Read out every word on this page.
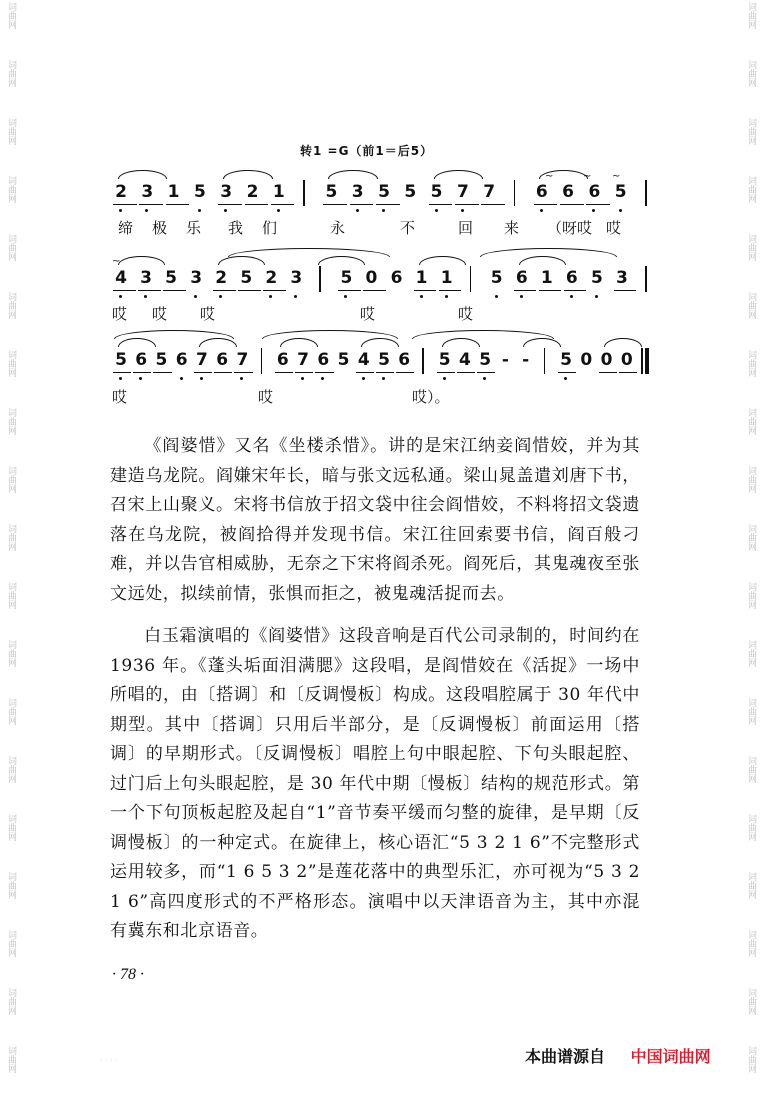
词曲网
词曲网
词曲网
词曲网
词曲网
词曲网
词曲网
词曲网
词曲网
词曲网
词曲网
词曲网
词曲网
词曲网
词曲网
词曲网
词曲网
词曲网
词曲网
词曲网
词曲网
词曲网
词曲网
词曲网
词曲网
词曲网
词曲网
词曲网
词曲网
词曲网
词曲网
词曲网
词曲网
词曲网
词曲网
词曲网
词曲网
词曲网
转1 =G（前1＝后5）
2 3 1 5 3 2 1 5 3 5 5 5 7 7 6 6 6 5
缔 极 乐 我 们	永	不	回 来 （呀 哎 哎
4 3 5 3 2 5 2 3 5 0 6 1 1 5 6 1 6 5 3
哎 哎 哎	哎	哎
5 6 5 6 7 6 7 6 7 6 5 4 5 6 5 4 5 - - 5 0 0 0
哎	哎	哎）。
~
~	~
~

《阎婆惜》又名《坐楼杀惜》。讲的是宋江纳妾阎惜姣，并为其建造乌龙院。阎嫌宋年长，暗与张文远私通。梁山晁盖遣刘唐下书，召宋上山聚义。宋将书信放于招文袋中往会阎惜姣，不料将招文袋遗落在乌龙院，被阎拾得并发现书信。宋江往回索要书信，阎百般刁难，并以告官相威胁，无奈之下宋将阎杀死。阎死后，其鬼魂夜至张文远处，拟续前情，张惧而拒之，被鬼魂活捉而去。

白玉霜演唱的《阎婆惜》这段音响是百代公司录制的，时间约在 1936 年。《蓬头垢面泪满腮》这段唱，是阎惜姣在《活捉》一场中所唱的，由〔搭调〕和〔反调慢板〕构成。这段唱腔属于 30 年代中期型。其中〔搭调〕只用后半部分，是〔反调慢板〕前面运用〔搭调〕的早期形式。〔反调慢板〕唱腔上句中眼起腔、下句头眼起腔、过门后上句头眼起腔，是 30 年代中期〔慢板〕结构的规范形式。第一个下句顶板起腔及起自“1”音节奏平缓而匀整的旋律，是早期〔反调慢板〕的一种定式。在旋律上，核心语汇“5 3 2 1 6”不完整形式运用较多，而“1 6 5 3 2”是莲花落中的典型乐汇，亦可视为“5 3 2 1 6”高四度形式的不严格形态。演唱中以天津语音为主，其中亦混有冀东和北京语音。

· 78 ·
· · · ·	本曲谱源自 中国词曲网
